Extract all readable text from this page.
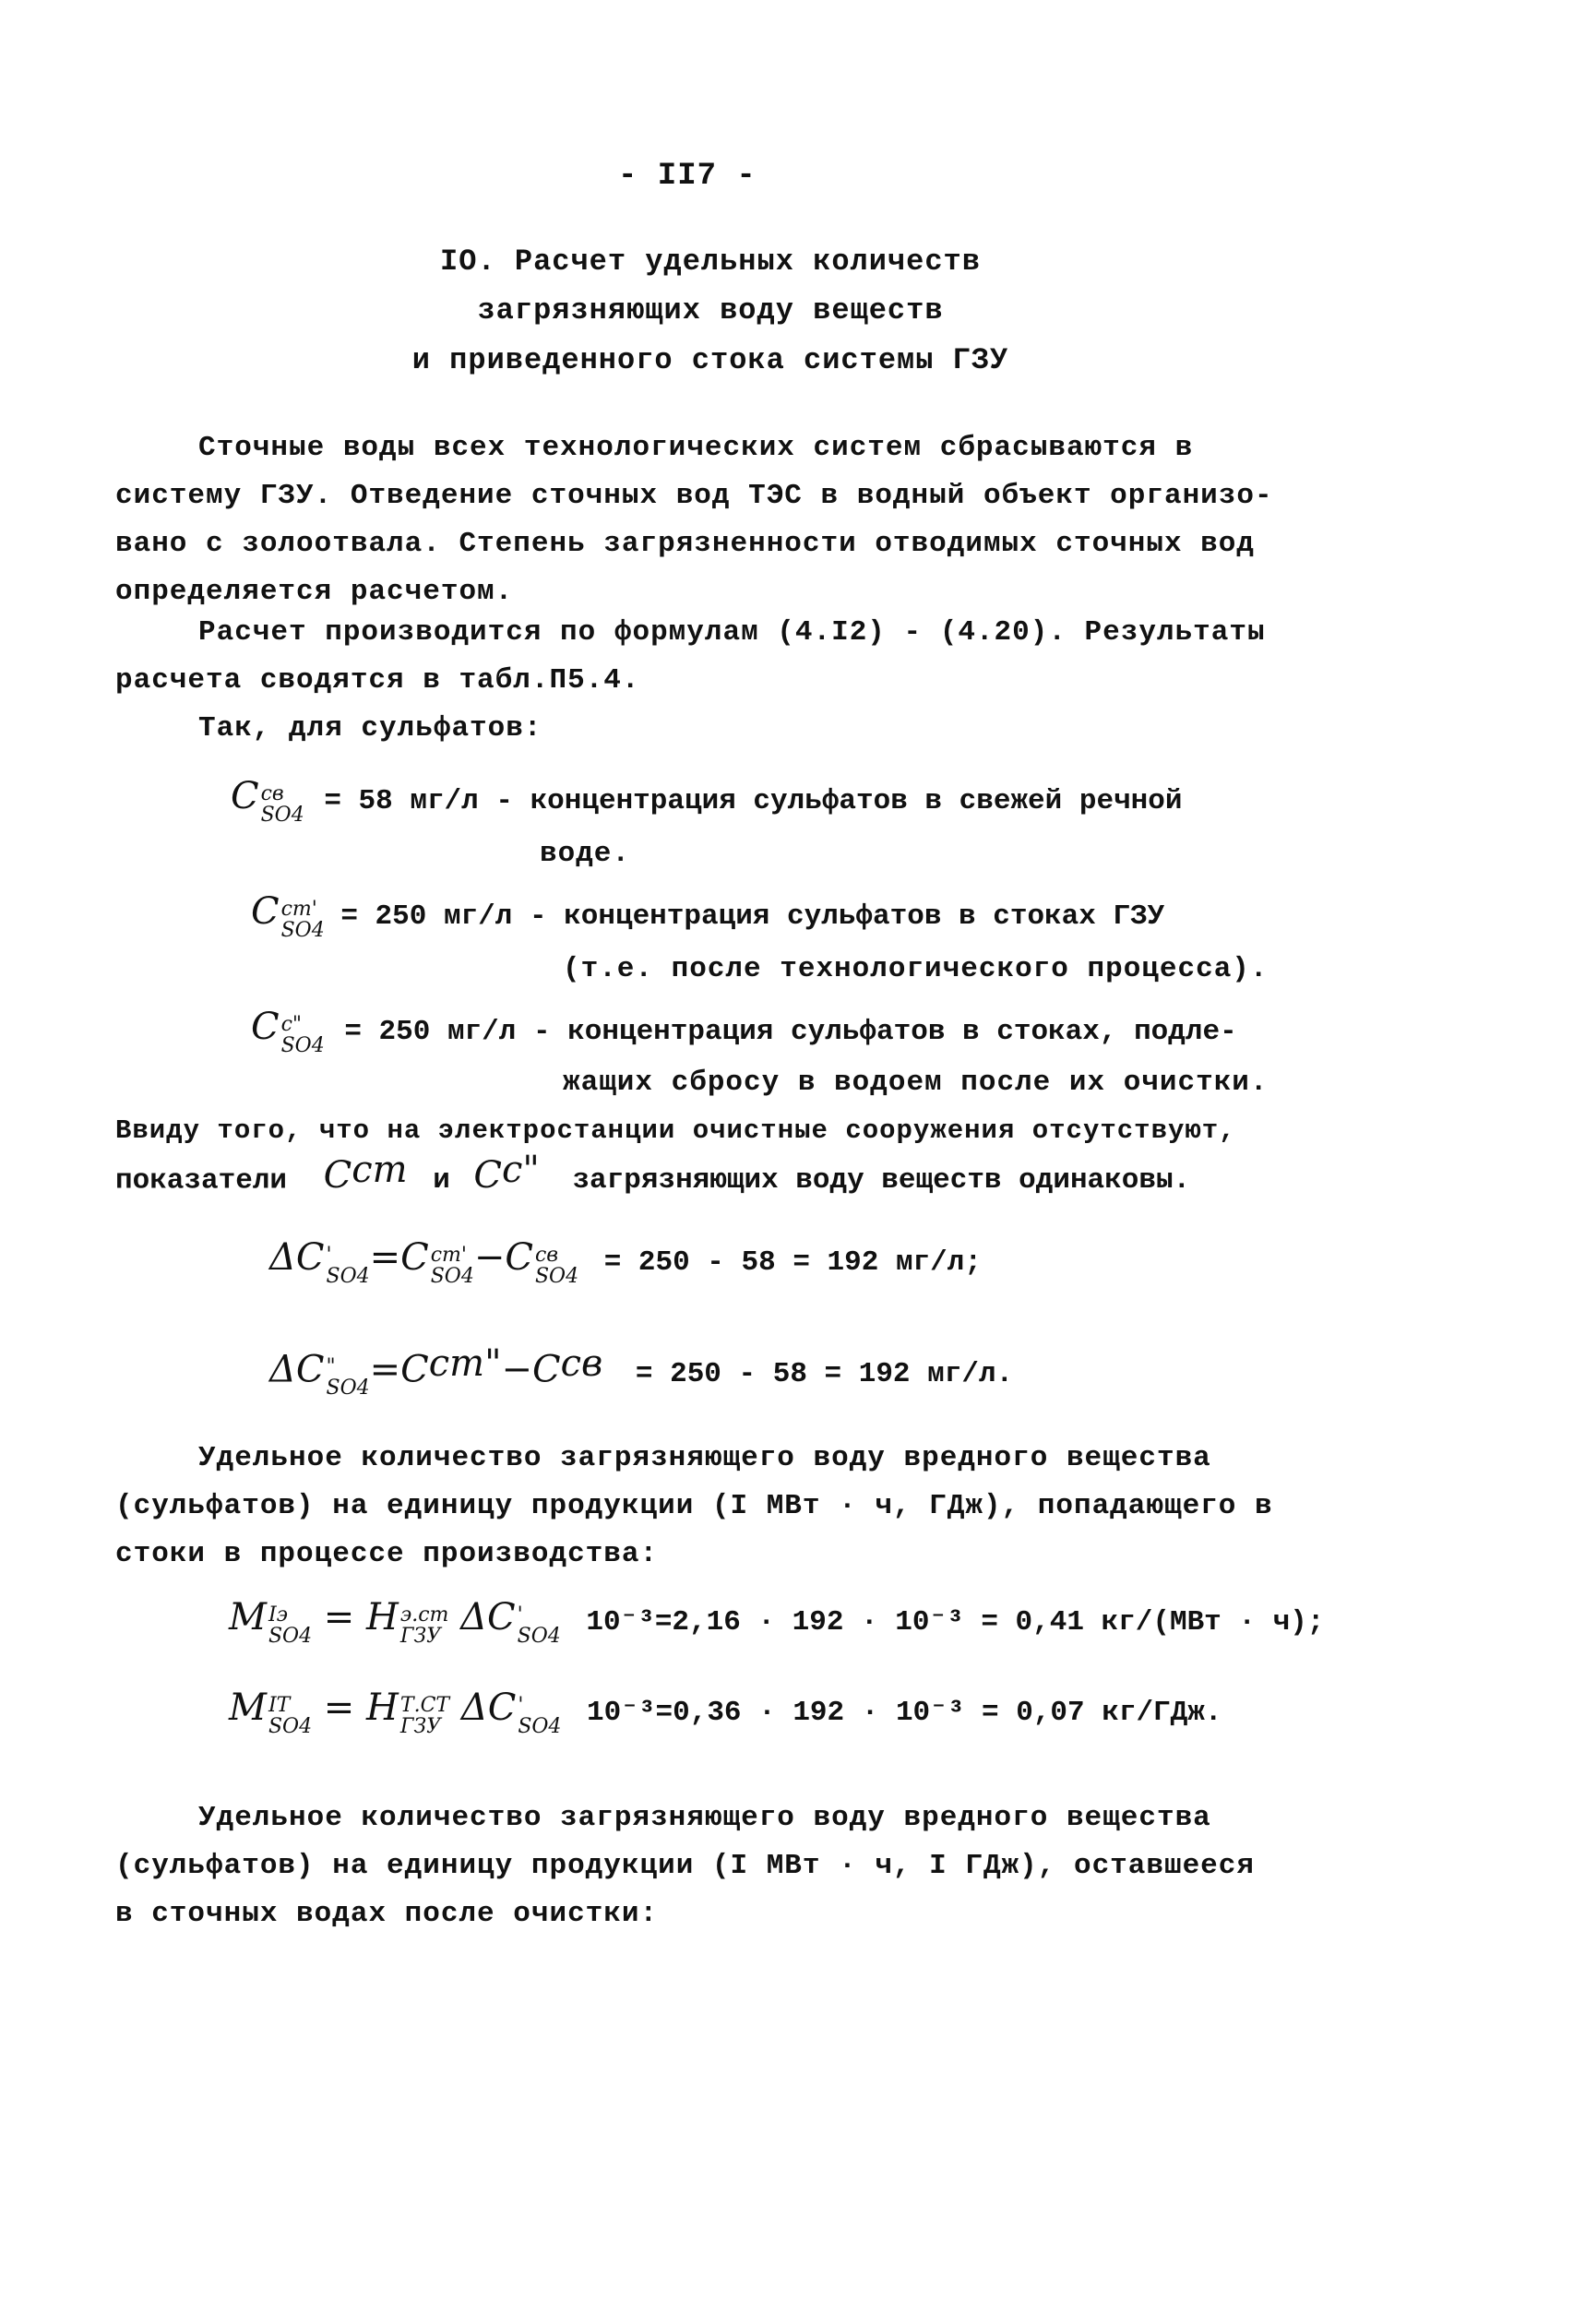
- II7 -
IO. Расчет удельных количеств
загрязняющих воду веществ
и приведенного стока системы ГЗУ
Сточные воды всех технологических систем сбрасываются в
систему ГЗУ. Отведение сточных вод ТЭС в водный объект организо-
вано с золоотвала. Степень загрязненности отводимых сточных вод
определяется расчетом.
Расчет производится по формулам (4.I2) - (4.20). Результаты
расчета сводятся в табл.П5.4.
Так, для сульфатов:
C св
SO4 = 58 мг/л - концентрация сульфатов в свежей речной
воде.
C ст'
SO4 = 250 мг/л - концентрация сульфатов в стоках ГЗУ
(т.е. после технологического процесса).
C с"
SO4 = 250 мг/л - концентрация сульфатов в стоках, подле-
жащих сбросу в водоем после их очистки.
Ввиду того, что на электростанции очистные сооружения отсутствуют,
показатели $C^{ст}$ и $C^{с"}$ загрязняющих воду веществ одинаковы.
ΔC '
SO4 =C ст'
SO4 −C св
SO4 = 250 - 58 = 192 мг/л;
ΔC "
$SO4 =C^{ст"}-C^{св} = 250 - 58 = 192$ мг/л.
Удельное количество загрязняющего воду вредного вещества
(сульфатов) на единицу продукции (I МВт · ч, ГДж), попадающего в
стоки в процессе производства:
M Iэ
SO4 = H э.ст
ГЗУ ΔC '
SO4 10⁻³=2,16 · 192 · 10⁻³ = 0,41 кг/(МВт · ч);
M IТ
SO4 = H Т.СТ
ГЗУ ΔC '
SO4 10⁻³=0,36 · 192 · 10⁻³ = 0,07 кг/ГДж.
Удельное количество загрязняющего воду вредного вещества
(сульфатов) на единицу продукции (I МВт · ч, I ГДж), оставшееся
в сточных водах после очистки:
